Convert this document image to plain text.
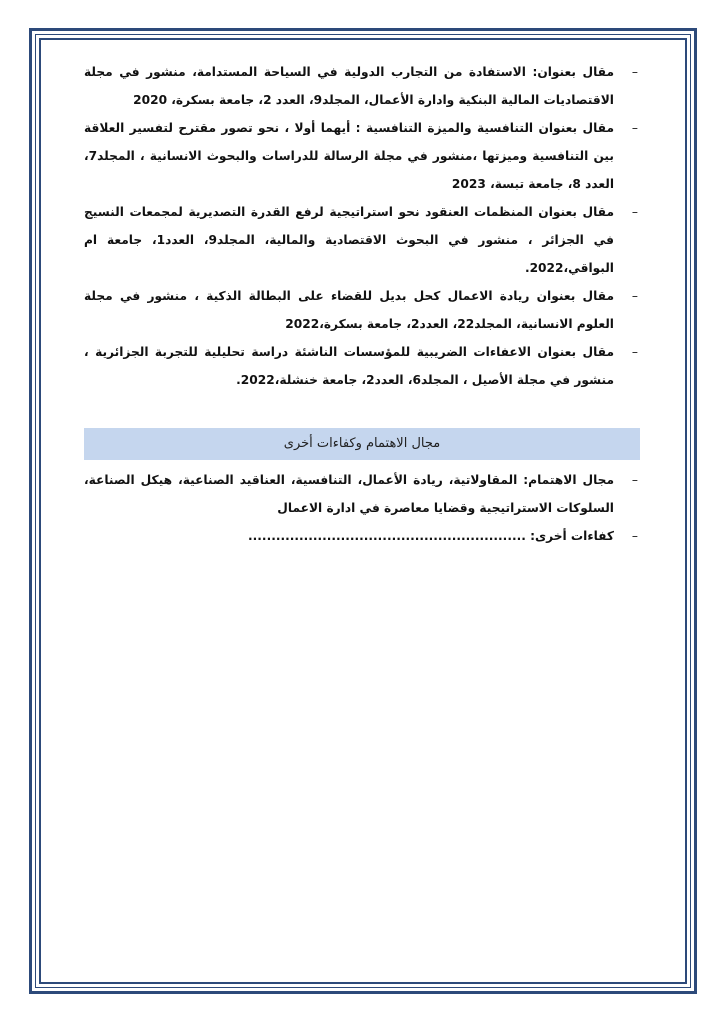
–
مقال بعنوان: الاستفادة من التجارب الدولية في السياحة المستدامة، منشور في مجلة الاقتصاديات المالية البنكية وادارة الأعمال، المجلد9، العدد 2، جامعة بسكرة، 2020
–
مقال بعنوان التنافسية والميزة التنافسية : أيهما أولا ، نحو تصور مقترح لتفسير العلاقة بين التنافسية وميزتها ،منشور في مجلة الرسالة للدراسات والبحوث الانسانية ، المجلد7، العدد 8، جامعة تبسة، 2023
–
مقال بعنوان المنظمات العنقود نحو استراتيجية لرفع القدرة التصديرية لمجمعات النسيج في الجزائر ، منشور في البحوث الاقتصادية والمالية، المجلد9، العدد1، جامعة ام البواقي،2022.
–
مقال بعنوان ريادة الاعمال كحل بديل للقضاء على البطالة الذكية ، منشور في مجلة العلوم الانسانية، المجلد22، العدد2، جامعة بسكرة،2022
–
مقال بعنوان الاعفاءات الضريبية للمؤسسات الناشئة دراسة تحليلية للتجربة الجزائرية ، منشور في مجلة الأصيل ، المجلد6، العدد2، جامعة خنشلة،2022.
مجال الاهتمام وكفاءات أخرى
–
مجال الاهتمام: المقاولاتية، ريادة الأعمال، التنافسية، العناقيد الصناعية، هيكل الصناعة، السلوكات الاستراتيجية وقضايا معاصرة في ادارة الاعمال
–
كفاءات أخرى: ............................................................
